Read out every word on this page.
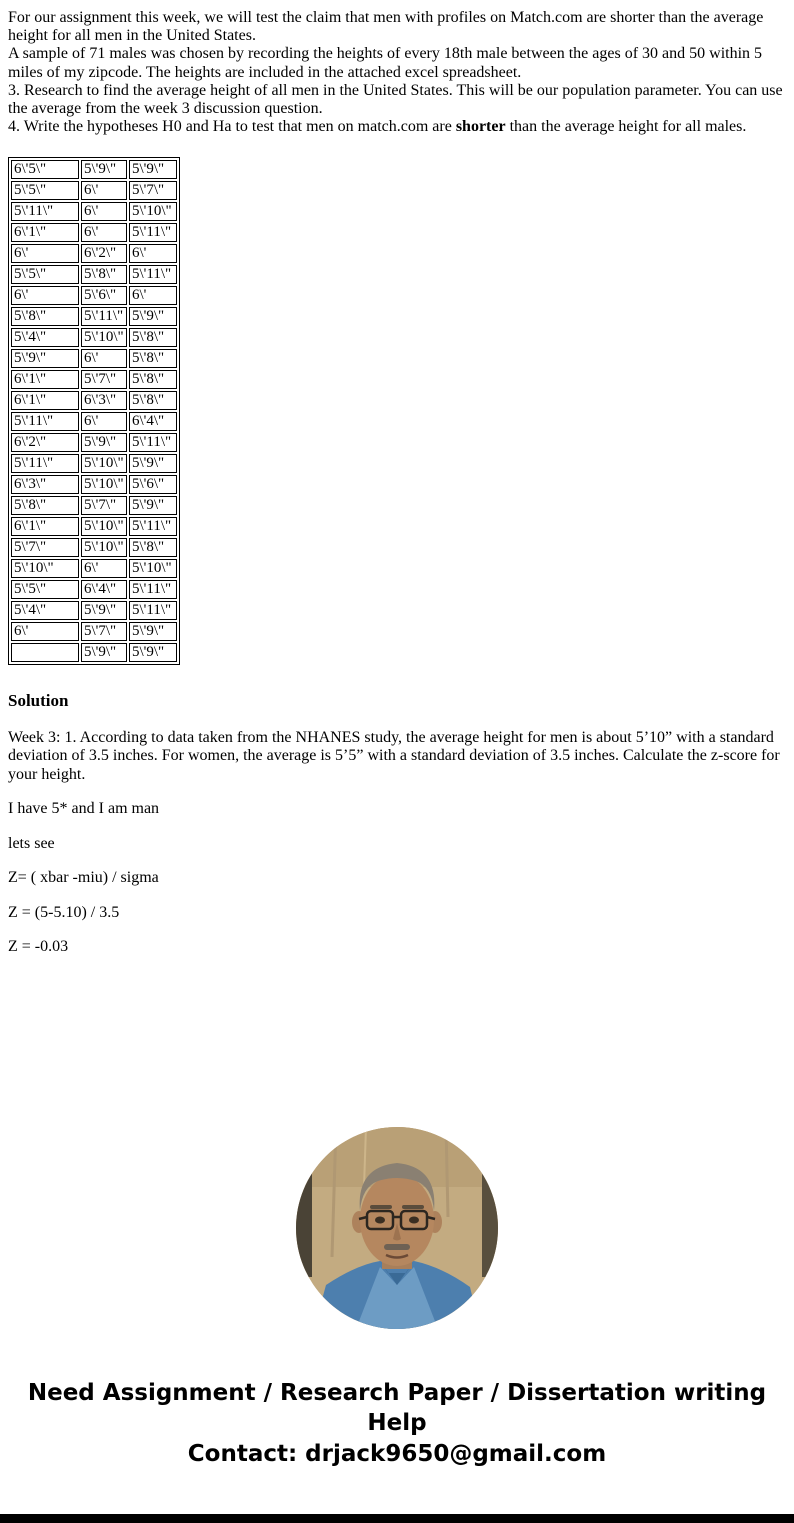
For our assignment this week, we will test the claim that men with profiles on Match.com are shorter than the average height for all men in the United States.

A sample of 71 males was chosen by recording the heights of every 18th male between the ages of 30 and 50 within 5 miles of my zipcode. The heights are included in the attached excel spreadsheet.

3. Research to find the average height of all men in the United States. This will be our population parameter. You can use the average from the week 3 discussion question.

4. Write the hypotheses H0 and Ha to test that men on match.com are shorter than the average height for all males.

6\'5\"	5\'9\"	5\'9\"
5\'5\"	6\'	5\'7\"
5\'11\"	6\'	5\'10\"
6\'1\"	6\'	5\'11\"
6\'	6\'2\"	6\'
5\'5\"	5\'8\"	5\'11\"
6\'	5\'6\"	6\'
5\'8\"	5\'11\"	5\'9\"
5\'4\"	5\'10\"	5\'8\"
5\'9\"	6\'	5\'8\"
6\'1\"	5\'7\"	5\'8\"
6\'1\"	6\'3\"	5\'8\"
5\'11\"	6\'	6\'4\"
6\'2\"	5\'9\"	5\'11\"
5\'11\"	5\'10\"	5\'9\"
6\'3\"	5\'10\"	5\'6\"
5\'8\"	5\'7\"	5\'9\"
6\'1\"	5\'10\"	5\'11\"
5\'7\"	5\'10\"	5\'8\"
5\'10\"	6\'	5\'10\"
5\'5\"	6\'4\"	5\'11\"
5\'4\"	5\'9\"	5\'11\"
6\'	5\'7\"	5\'9\"
	5\'9\"	5\'9\"
Solution

Week 3: 1. According to data taken from the NHANES study, the average height for men is about 5’10” with a standard deviation of 3.5 inches. For women, the average is 5’5” with a standard deviation of 3.5 inches. Calculate the z-score for your height.

I have 5* and I am man

lets see

Z= ( xbar -miu) / sigma

Z = (5-5.10) / 3.5

Z = -0.03

Need Assignment / Research Paper / Dissertation writing Help
Contact: drjack9650@gmail.com
